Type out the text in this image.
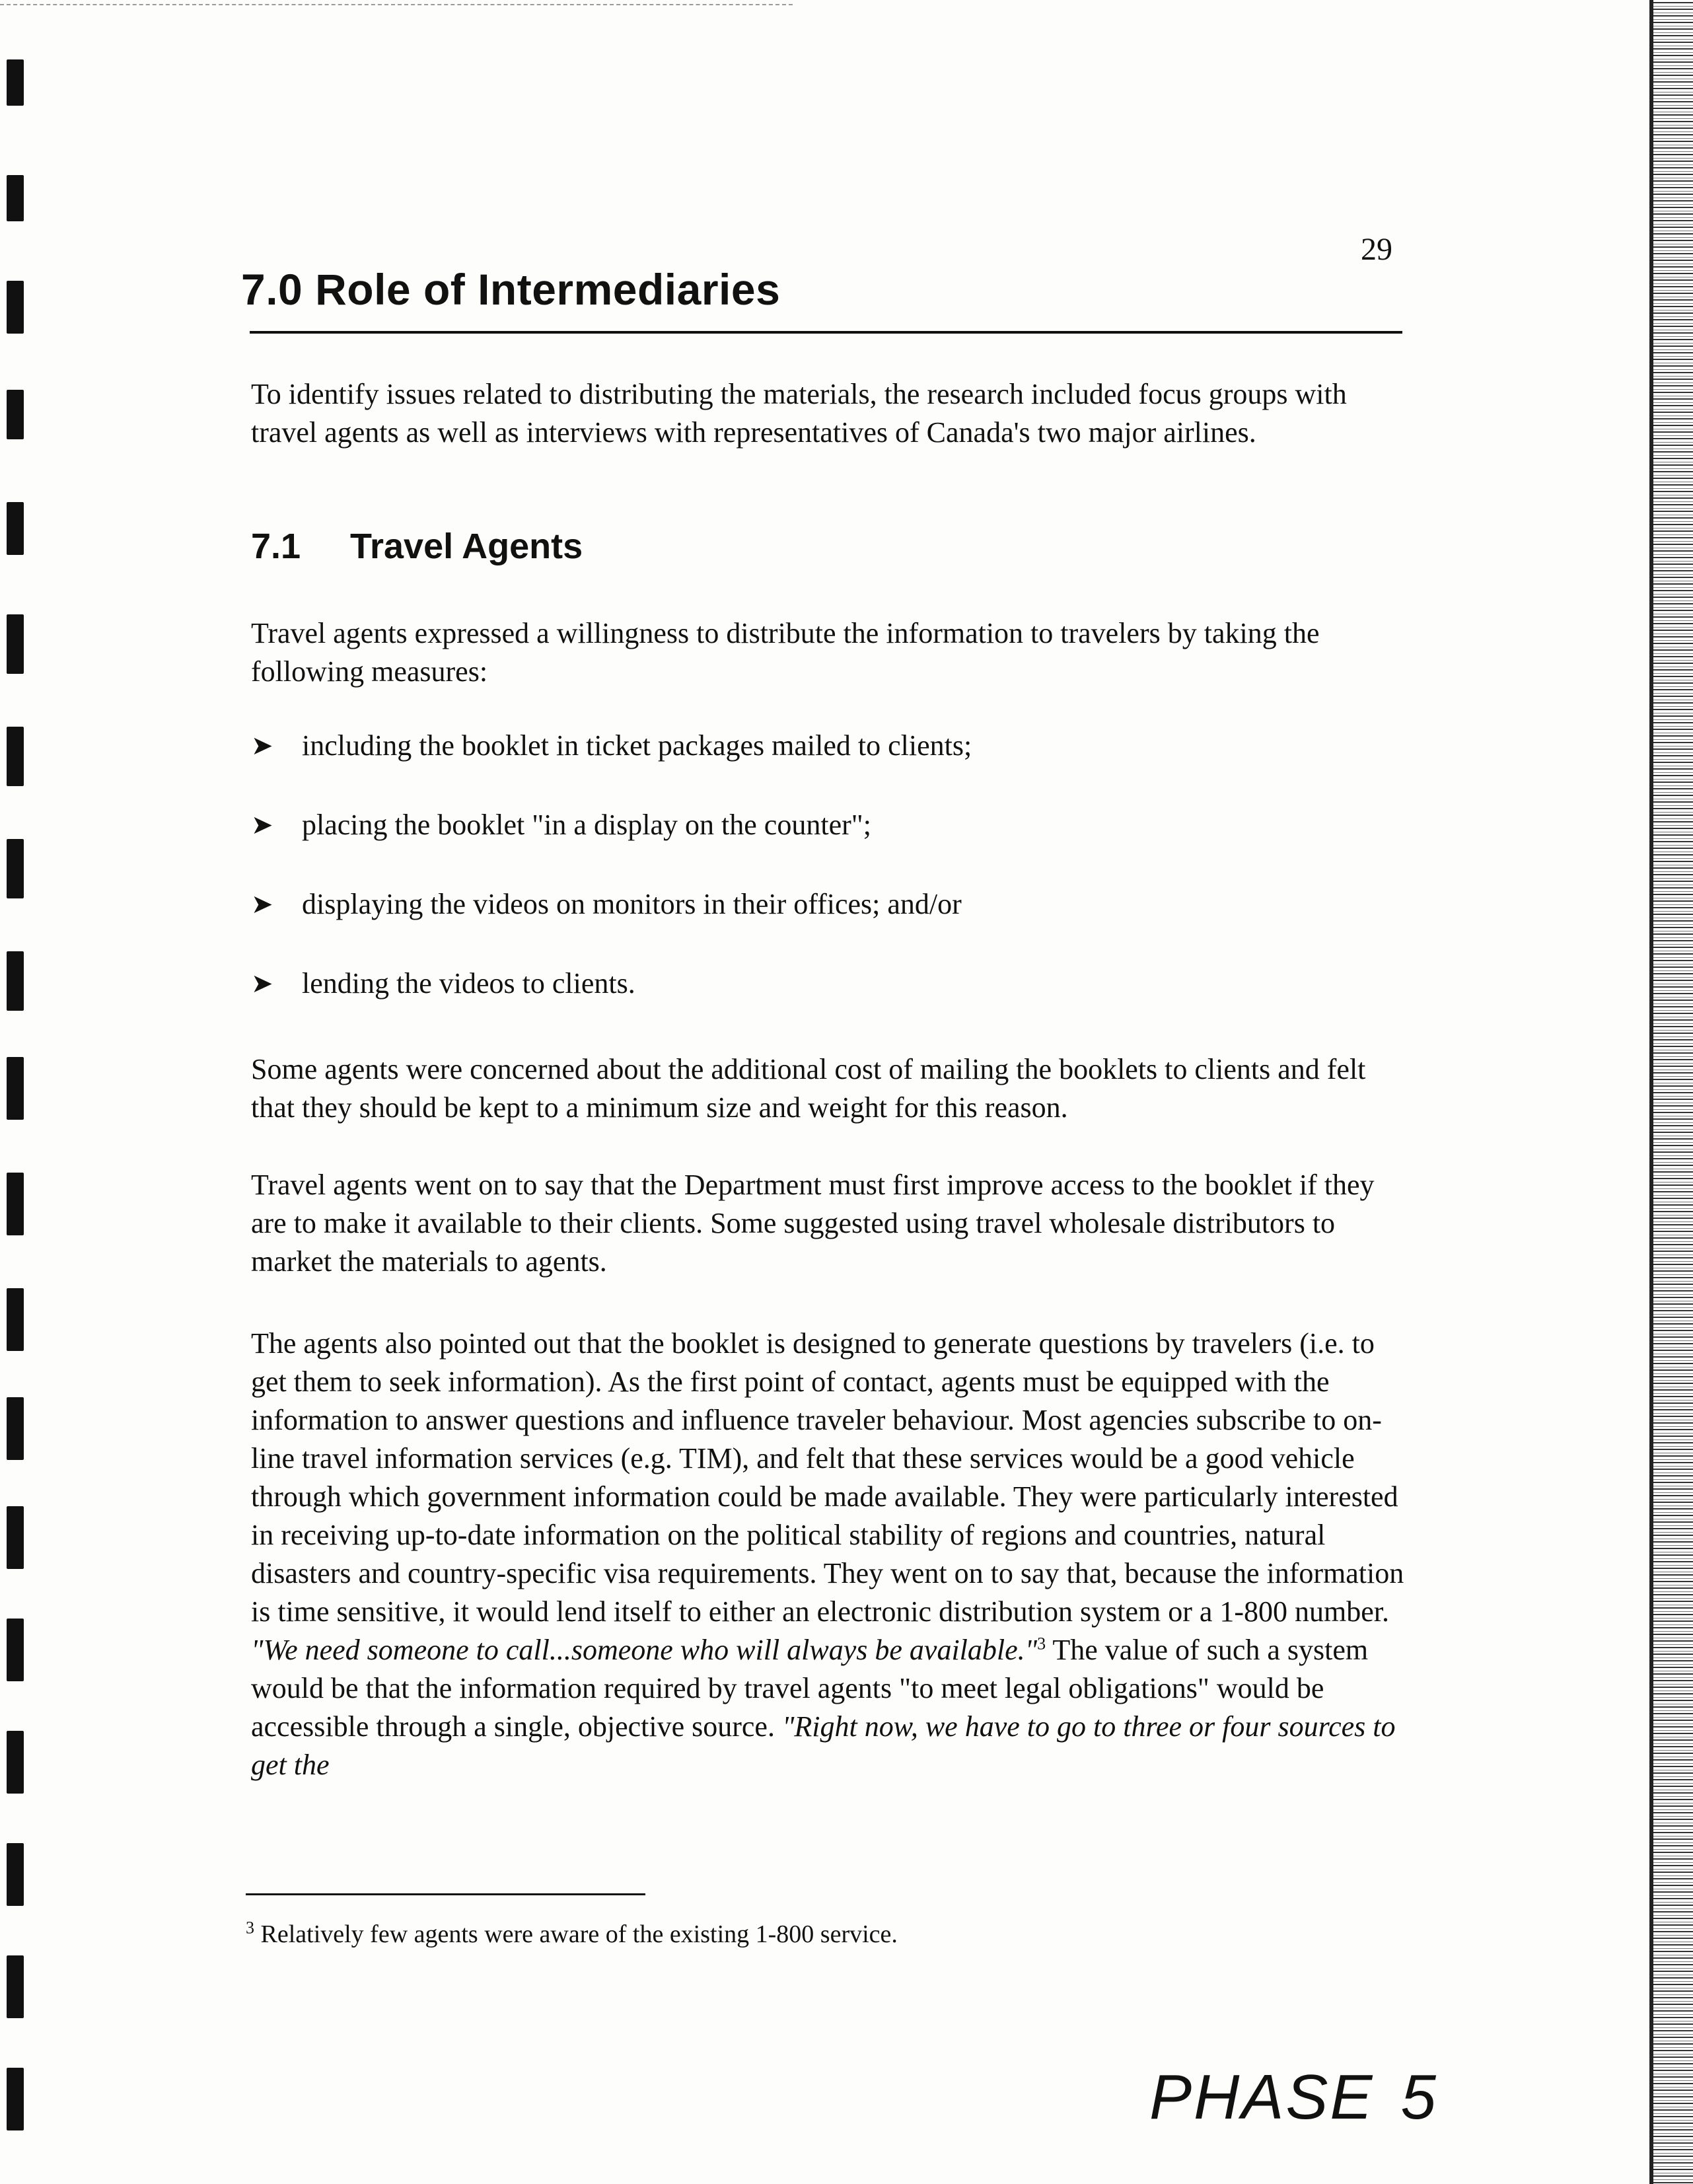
29
7.0 Role of Intermediaries

To identify issues related to distributing the materials, the research included focus groups with travel agents as well as interviews with representatives of Canada's two major airlines.

7.1 Travel Agents

Travel agents expressed a willingness to distribute the information to travelers by taking the following measures:

➤ including the booklet in ticket packages mailed to clients;
➤ placing the booklet "in a display on the counter";
➤ displaying the videos on monitors in their offices; and/or
➤ lending the videos to clients.

Some agents were concerned about the additional cost of mailing the booklets to clients and felt that they should be kept to a minimum size and weight for this reason.

Travel agents went on to say that the Department must first improve access to the booklet if they are to make it available to their clients. Some suggested using travel wholesale distributors to market the materials to agents.

The agents also pointed out that the booklet is designed to generate questions by travelers (i.e. to get them to seek information). As the first point of contact, agents must be equipped with the information to answer questions and influence traveler behaviour. Most agencies subscribe to on-line travel information services (e.g. TIM), and felt that these services would be a good vehicle through which government information could be made available. They were particularly interested in receiving up-to-date information on the political stability of regions and countries, natural disasters and country-specific visa requirements. They went on to say that, because the information is time sensitive, it would lend itself to either an electronic distribution system or a 1-800 number. "We need someone to call...someone who will always be available."$^3$ The value of such a system would be that the information required by travel agents "to meet legal obligations" would be accessible through a single, objective source. "Right now, we have to go to three or four sources to get the

$^3$ Relatively few agents were aware of the existing 1-800 service.

PHASE 5
